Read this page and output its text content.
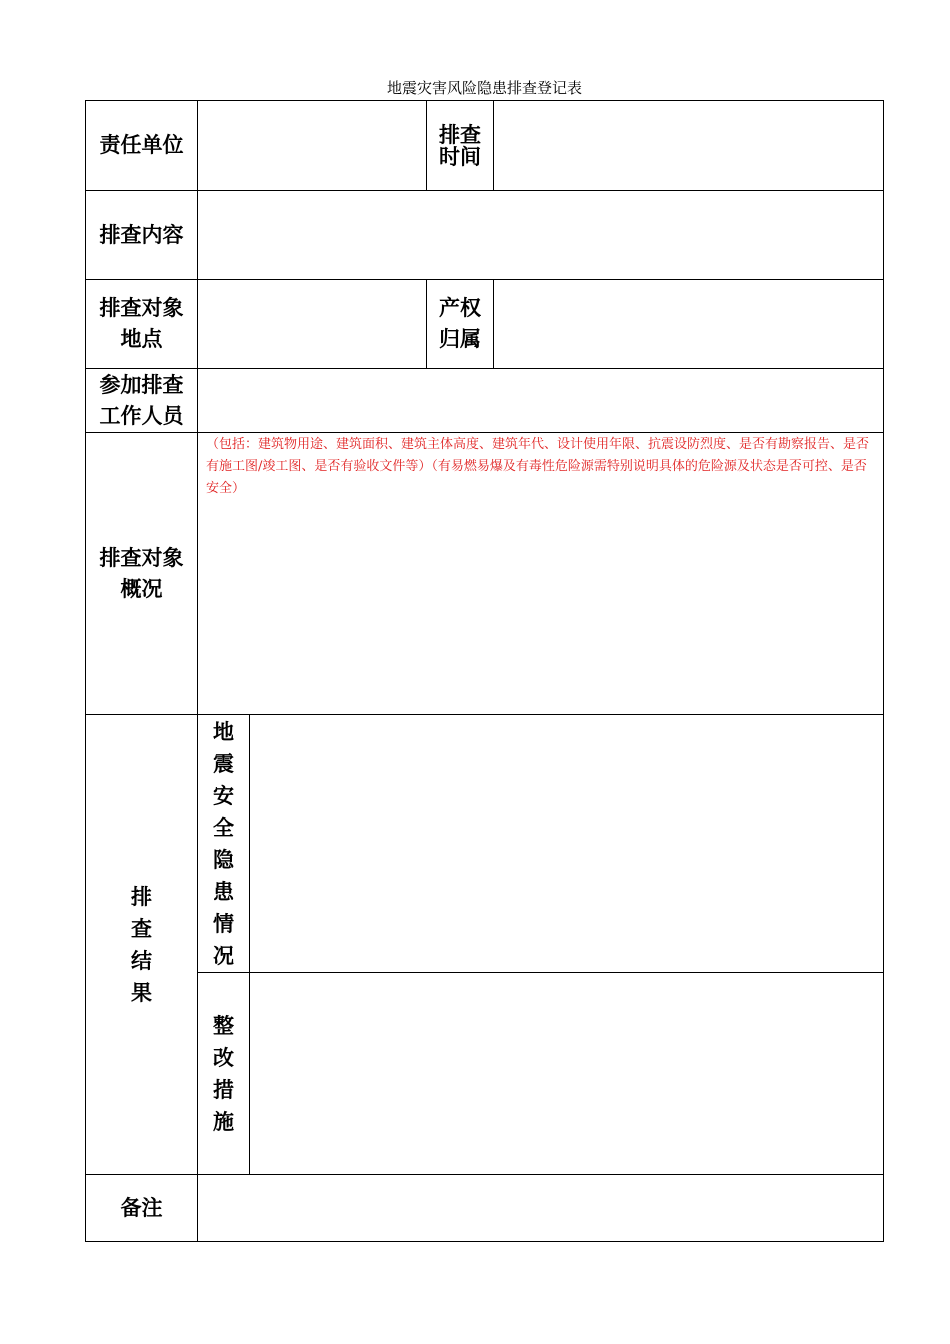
地震灾害风险隐患排查登记表
责任单位	排查
时间
排查内容
排查对象
地点
产权
归属
参加排查
工作人员
排查对象
概况
（包括：建筑物用途、建筑面积、建筑主体高度、建筑年代、设计使用年限、抗震设防烈度、是否有勘察报告、是否有施工图/竣工图、是否有验收文件等）（有易燃易爆及有毒性危险源需特别说明具体的危险源及状态是否可控、是否安全）
排
查
结
果
地
震
安
全
隐
患
情
况
整
改
措
施
备注
